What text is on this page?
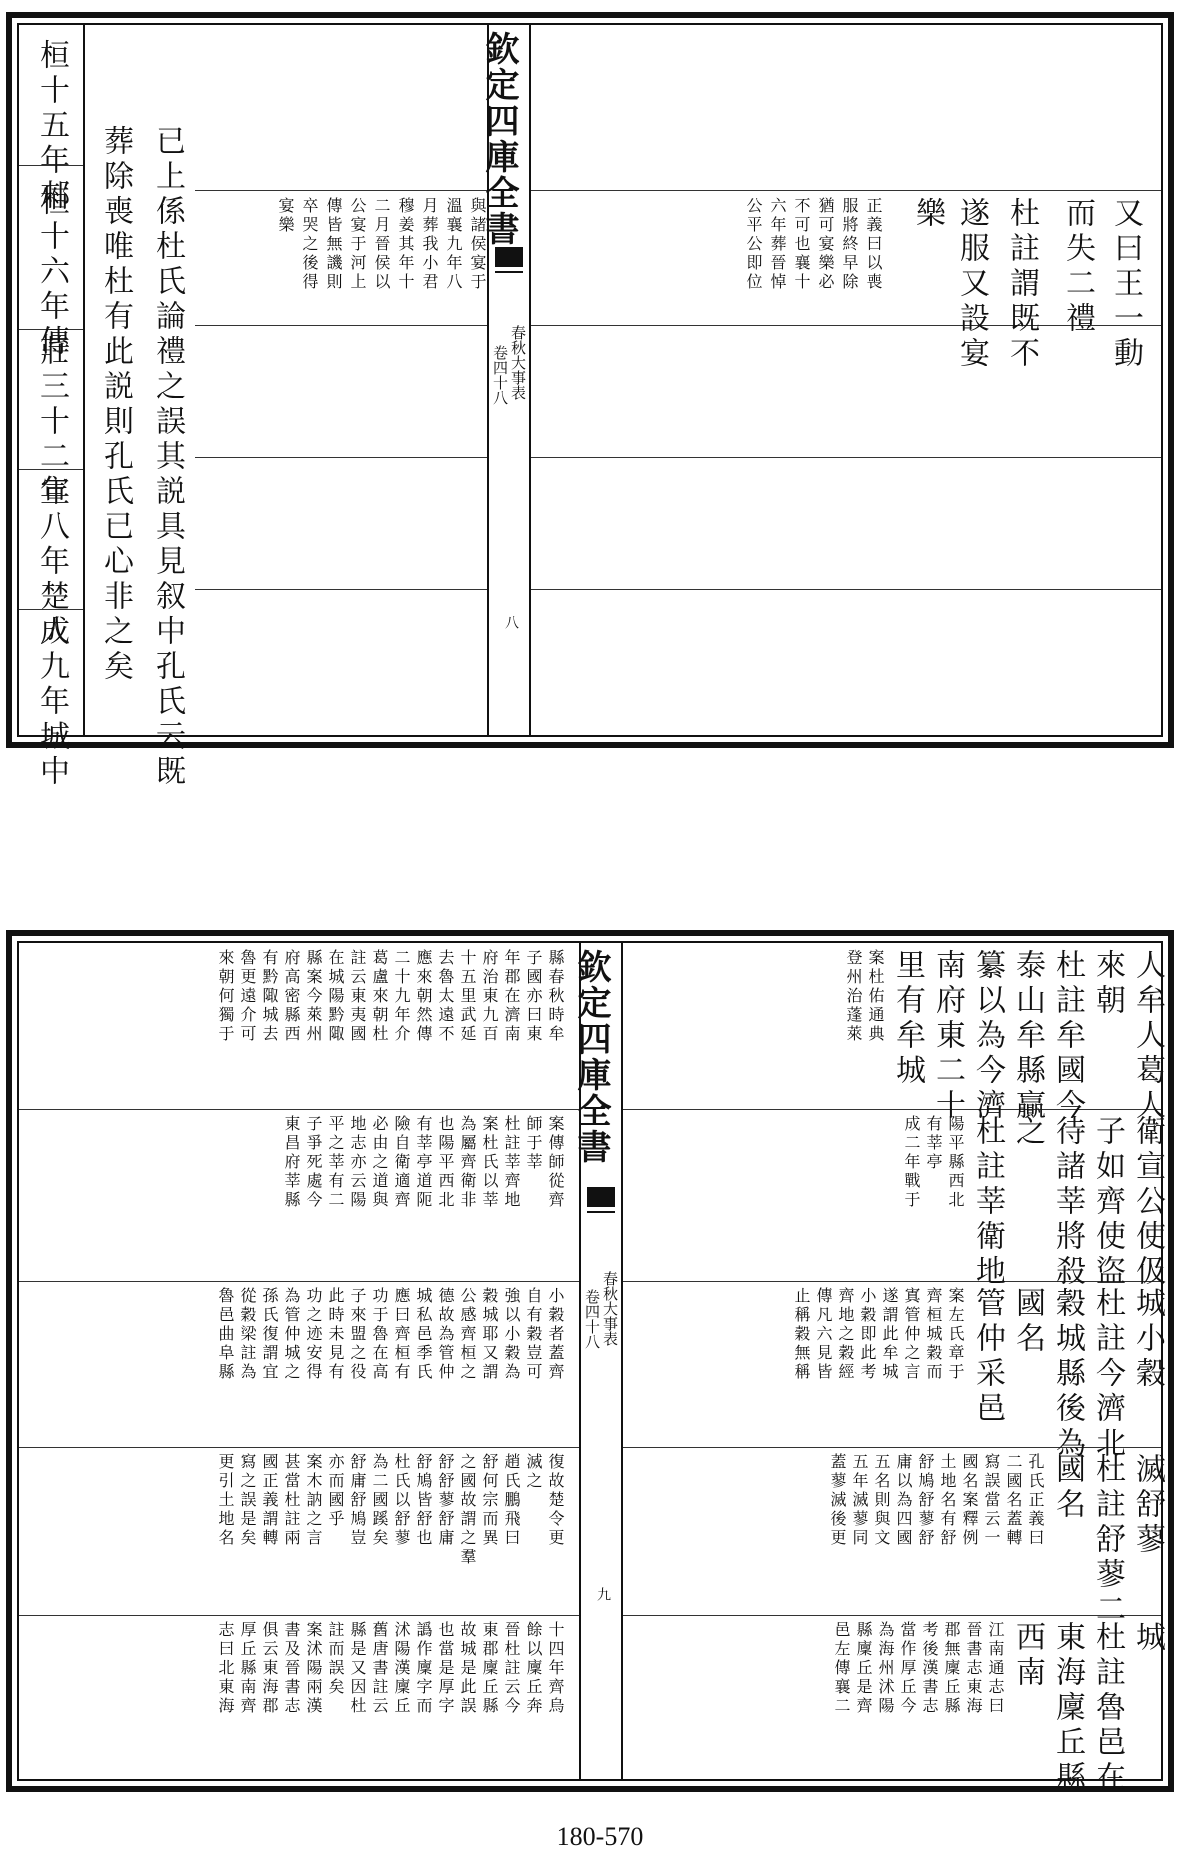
欽定四庫全書
春秋大事表
卷四十八
八
桓十五年郲
桓十六年傳
莊三十二年
宣八年楚人
成九年城中	已上係杜氏論禮之誤其説具見叙中孔氏云既
葬除喪唯杜有此説則孔氏已心非之矣	與諸侯宴于
溫襄九年八
月葬我小君
穆姜其年十
二月晉侯以
公宴于河上
傳皆無譏則
卒哭之後得
宴樂	又曰王一動
而失二禮
杜註謂既不
遂服又設宴
樂
正義曰以喪
服將終早除
猶可宴樂必
不可也襄十
六年葬晉悼
公平公即位
欽定四庫全書
春秋大事表
卷四十八
九
縣春秋時牟
子國亦曰東
年郡在濟南
府治東九百
十五里武延
去魯太遠不
應來朝然傳
二十九年介
葛盧來朝杜
註云東夷國
在城陽黔陬
縣案今萊州
府高密縣西
有黔陬城去
魯更遠介可
來朝何獨于
案傳師從齊
師于莘
杜註莘齊地
案杜氏以莘
為屬齊衛非
也陽平西北
有莘亭道阨
險自衛適齊
必由之道與
地志亦云陽
平之莘有二
子爭死處今
東昌府莘縣
小穀者蓋齊
自有穀豈可
強以小穀為
穀城耶又謂
公感齊桓之
德故為管仲
城私邑季氏
應曰齊桓有
功于魯在高
子來盟之役
此時未見有
功之迹安得
為管仲城之
孫氏復謂宜
從穀梁註為
魯邑曲阜縣
復故楚令更
滅之
趙氏鵬飛曰
舒何宗而異
之國故謂之羣
舒舒蓼舒庸
舒鳩皆舒也
杜氏以舒蓼
為二國蹊矣
舒庸舒鳩豈
亦而國乎
案木訥之言
甚當杜註兩
國正義謂轉
寫之誤是矣
更引土地名
十四年齊烏
餘以廩丘奔
晉杜註云今
東郡廩丘縣
故城是此誤
也當是厚字
譌作廩字而
沭陽漢廩丘
舊唐書註云
縣是又因杜
註而誤矣
案沭陽兩漢
書及晉書志
俱云東海郡
厚丘縣南齊
志曰北東海
人牟人葛人
來朝
杜註牟國今
泰山牟縣贏
纂以為今濟
南府東二十
里有牟城
案杜佑通典
登州治蓬萊
衛宣公使伋
子如齊使盜
待諸莘將殺
之
杜註莘衛地
陽平縣西北
有莘亭
成二年戰于
城小穀
杜註今濟北
穀城縣後為
國名
管仲采邑
案左氏章于
齊桓城穀而
寘管仲之言
遂謂此牟城
小穀即此考
齊地之穀經
傳凡六見皆
止稱穀無稱
滅舒蓼
杜註舒蓼二
國名
孔氏正義曰
二國名蓋轉
寫誤當云一
國名案釋例
土地名有舒
舒鳩舒蓼舒
庸以為四國
五名則與文
五年滅蓼同
蓋蓼滅後更
城
杜註魯邑在
東海廩丘縣
西南
江南通志曰
晉書志東海
郡無廩丘縣
考後漢書志
當作厚丘今
為海州沭陽
縣廩丘是齊
邑左傳襄二
180-570
